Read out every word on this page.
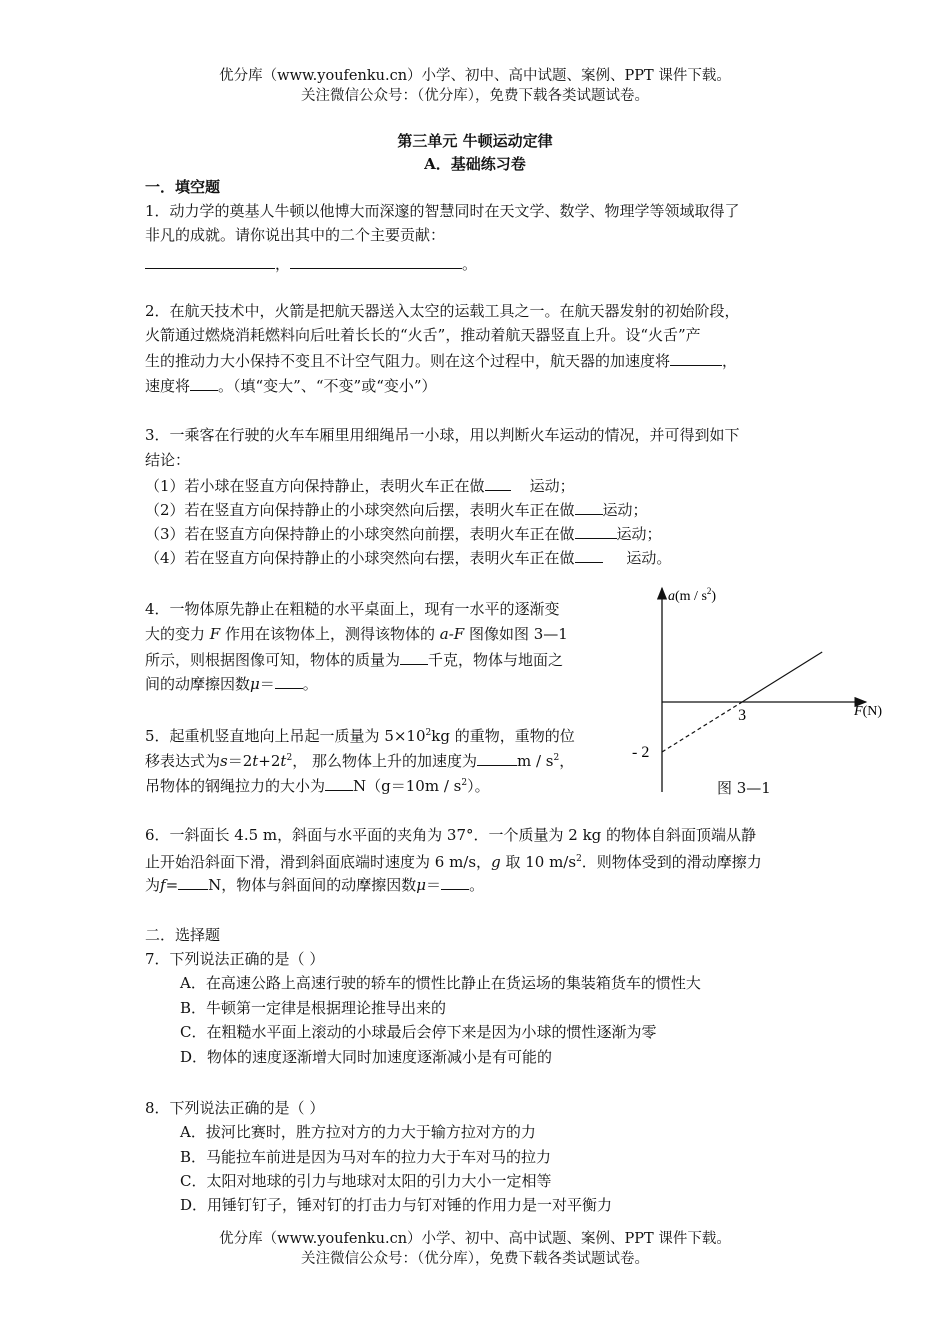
优分库（www.youfenku.cn）小学、初中、高中试题、案例、PPT 课件下载。
关注微信公众号：（优分库），免费下载各类试题试卷。
第三单元 牛顿运动定律
A．基础练习卷
一．填空题
1．动力学的奠基人牛顿以他博大而深邃的智慧同时在天文学、数学、物理学等领域取得了
非凡的成就。请你说出其中的二个主要贡献：
，	。
2．在航天技术中，火箭是把航天器送入太空的运载工具之一。在航天器发射的初始阶段，
火箭通过燃烧消耗燃料向后吐着长长的“火舌”，推动着航天器竖直上升。设“火舌”产
生的推动力大小保持不变且不计空气阻力。则在这个过程中，航天器的加速度将	，
速度将 。（填“变大”、“不变”或“变小”）
3．一乘客在行驶的火车车厢里用细绳吊一小球，用以判断火车运动的情况，并可得到如下
结论：
（1）若小球在竖直方向保持静止，表明火车正在做	运动；
（2）若在竖直方向保持静止的小球突然向后摆，表明火车正在做 运动；
（3）若在竖直方向保持静止的小球突然向前摆，表明火车正在做	运动；
（4）若在竖直方向保持静止的小球突然向右摆，表明火车正在做	运动。
4．一物体原先静止在粗糙的水平桌面上，现有一水平的逐渐变
大的变力 F 作用在该物体上，测得该物体的 a-F 图像如图 3—1
所示，则根据图像可知，物体的质量为 千克，物体与地面之
间的动摩擦因数μ＝ 。
5．起重机竖直地向上吊起一质量为 $5\times 10^2kg$ 的重物，重物的位
移表达式为$s=2t+2t^2$， 那么物体上升的加速度为	m / $s^2$，
吊物体的钢绳拉力的大小为 $N(g=10m / s^2)$。
3
- 2
$a(m / s^2)$
F(N)
图 3—1
6．一斜面长 4.5 m，斜面与水平面的夹角为 37°．一个质量为 2 kg 的物体自斜面顶端从静
止开始沿斜面下滑，滑到斜面底端时速度为 6 m/s，g 取 10 $m/s^2$．则物体受到的滑动摩擦力
为f= N，物体与斜面间的动摩擦因数μ＝ 。
二．选择题
7．下列说法正确的是（ ）
A．在高速公路上高速行驶的轿车的惯性比静止在货运场的集装箱货车的惯性大
B．牛顿第一定律是根据理论推导出来的
C．在粗糙水平面上滚动的小球最后会停下来是因为小球的惯性逐渐为零
D．物体的速度逐渐增大同时加速度逐渐减小是有可能的
8．下列说法正确的是（ ）
A．拔河比赛时，胜方拉对方的力大于输方拉对方的力
B．马能拉车前进是因为马对车的拉力大于车对马的拉力
C．太阳对地球的引力与地球对太阳的引力大小一定相等
D．用锤钉钉子，锤对钉的打击力与钉对锤的作用力是一对平衡力
优分库（www.youfenku.cn）小学、初中、高中试题、案例、PPT 课件下载。
关注微信公众号：（优分库），免费下载各类试题试卷。
